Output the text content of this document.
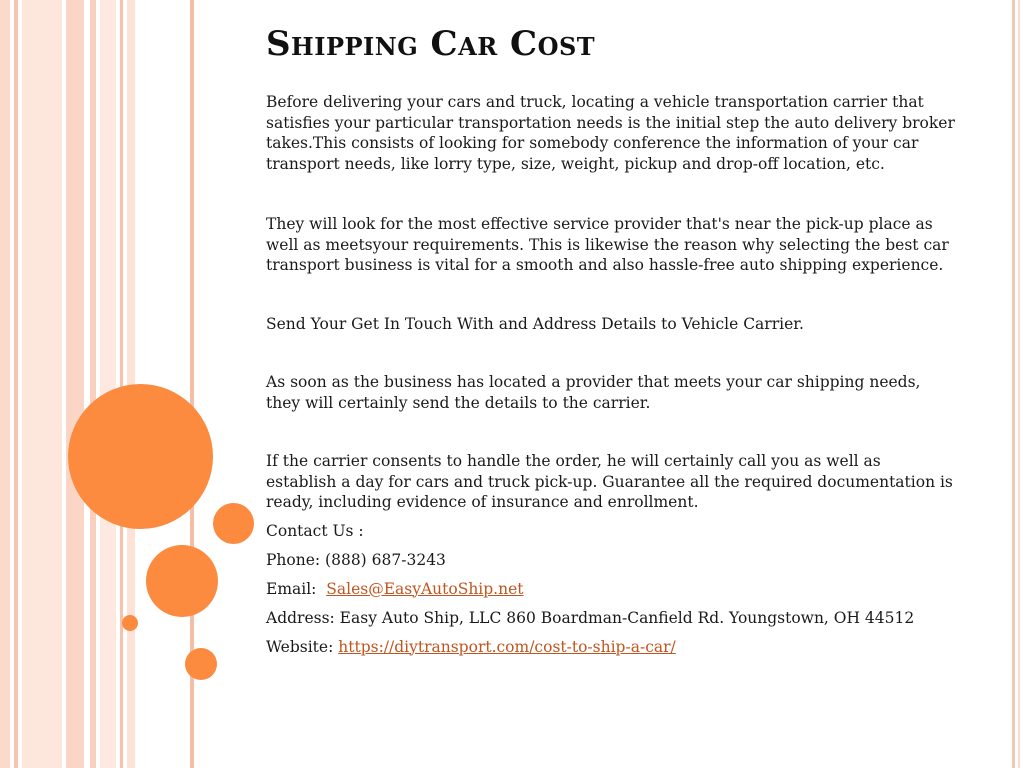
Shipping Car Cost

Before delivering your cars and truck, locating a vehicle transportation carrier that satisfies your particular transportation needs is the initial step the auto delivery broker takes.This consists of looking for somebody conference the information of your car transport needs, like lorry type, size, weight, pickup and drop-off location, etc.

They will look for the most effective service provider that's near the pick-up place as well as meetsyour requirements. This is likewise the reason why selecting the best car transport business is vital for a smooth and also hassle-free auto shipping experience.

Send Your Get In Touch With and Address Details to Vehicle Carrier.

As soon as the business has located a provider that meets your car shipping needs, they will certainly send the details to the carrier.

If the carrier consents to handle the order, he will certainly call you as well as establish a day for cars and truck pick-up. Guarantee all the required documentation is ready, including evidence of insurance and enrollment.

Contact Us :

Phone: (888) 687-3243

Email: Sales@EasyAutoShip.net

Address: Easy Auto Ship, LLC 860 Boardman-Canfield Rd. Youngstown, OH 44512

Website: https://diytransport.com/cost-to-ship-a-car/
